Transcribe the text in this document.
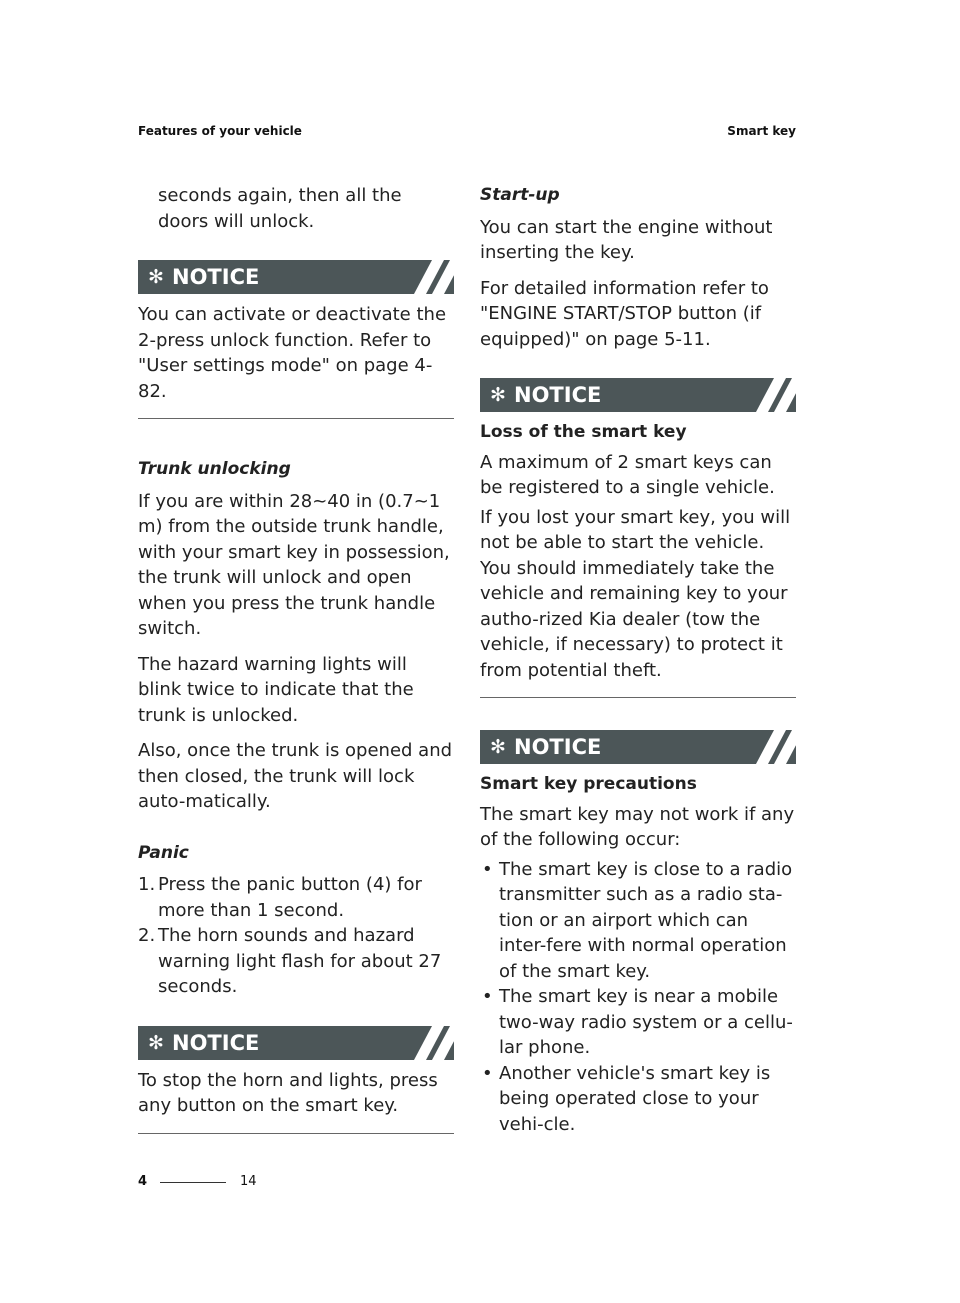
Features of your vehicle	Smart key

seconds again, then all the doors will unlock.

✻ NOTICE

You can activate or deactivate the 2-press unlock function. Refer to "User settings mode" on page 4-82.

Trunk unlocking

If you are within 28~40 in (0.7~1 m) from the outside trunk handle, with your smart key in possession, the trunk will unlock and open when you press the trunk handle switch.

The hazard warning lights will blink twice to indicate that the trunk is unlocked.

Also, once the trunk is opened and then closed, the trunk will lock auto-matically.

Panic
1. Press the panic button (4) for more than 1 second.
2. The horn sounds and hazard warning light flash for about 27 seconds.
✻ NOTICE

To stop the horn and lights, press any button on the smart key.

Start-up

You can start the engine without inserting the key.

For detailed information refer to "ENGINE START/STOP button (if equipped)" on page 5-11.

✻ NOTICE
Loss of the smart key

A maximum of 2 smart keys can be registered to a single vehicle.

If you lost your smart key, you will not be able to start the vehicle. You should immediately take the vehicle and remaining key to your autho-rized Kia dealer (tow the vehicle, if necessary) to protect it from potential theft.

✻ NOTICE
Smart key precautions

The smart key may not work if any of the following occur:

• The smart key is close to a radio transmitter such as a radio sta-tion or an airport which can inter-fere with normal operation of the smart key.
• The smart key is near a mobile two-way radio system or a cellu-lar phone.
• Another vehicle's smart key is being operated close to your vehi-cle.
4	14
